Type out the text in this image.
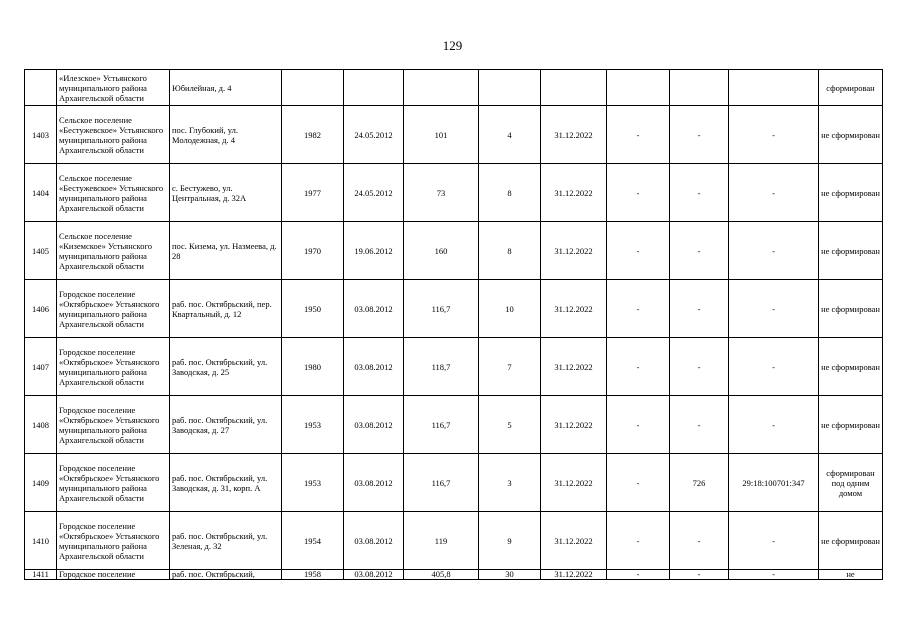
129
	«Илезское» Устьянского муниципального района Архангельской области	Юбилейная, д. 4									сформирован
1403	Сельское поселение «Бестужевское» Устьянского муниципального района Архангельской области	пос. Глубокий, ул. Молодежная, д. 4	1982	24.05.2012	101	4	31.12.2022	-	-	-	не сформирован
1404	Сельское поселение «Бестужевское» Устьянского муниципального района Архангельской области	с. Бестужево, ул. Центральная, д. 32А	1977	24.05.2012	73	8	31.12.2022	-	-	-	не сформирован
1405	Сельское поселение «Киземское» Устьянского муниципального района Архангельской области	пос. Кизема, ул. Назмеева, д. 28	1970	19.06.2012	160	8	31.12.2022	-	-	-	не сформирован
1406	Городское поселение «Октябрьское» Устьянского муниципального района Архангельской области	раб. пос. Октябрьский, пер. Квартальный, д. 12	1950	03.08.2012	116,7	10	31.12.2022	-	-	-	не сформирован
1407	Городское поселение «Октябрьское» Устьянского муниципального района Архангельской области	раб. пос. Октябрьский, ул. Заводская, д. 25	1980	03.08.2012	118,7	7	31.12.2022	-	-	-	не сформирован
1408	Городское поселение «Октябрьское» Устьянского муниципального района Архангельской области	раб. пос. Октябрьский, ул. Заводская, д. 27	1953	03.08.2012	116,7	5	31.12.2022	-	-	-	не сформирован
1409	Городское поселение «Октябрьское» Устьянского муниципального района Архангельской области	раб. пос. Октябрьский, ул. Заводская, д. 31, корп. А	1953	03.08.2012	116,7	3	31.12.2022	-	726	29:18:100701:347	сформирован под одним домом
1410	Городское поселение «Октябрьское» Устьянского муниципального района Архангельской области	раб. пос. Октябрьский, ул. Зеленая, д. 32	1954	03.08.2012	119	9	31.12.2022	-	-	-	не сформирован
1411	Городское поселение	раб. пос. Октябрьский,	1958	03.08.2012	405,8	30	31.12.2022	-	-	-	не
